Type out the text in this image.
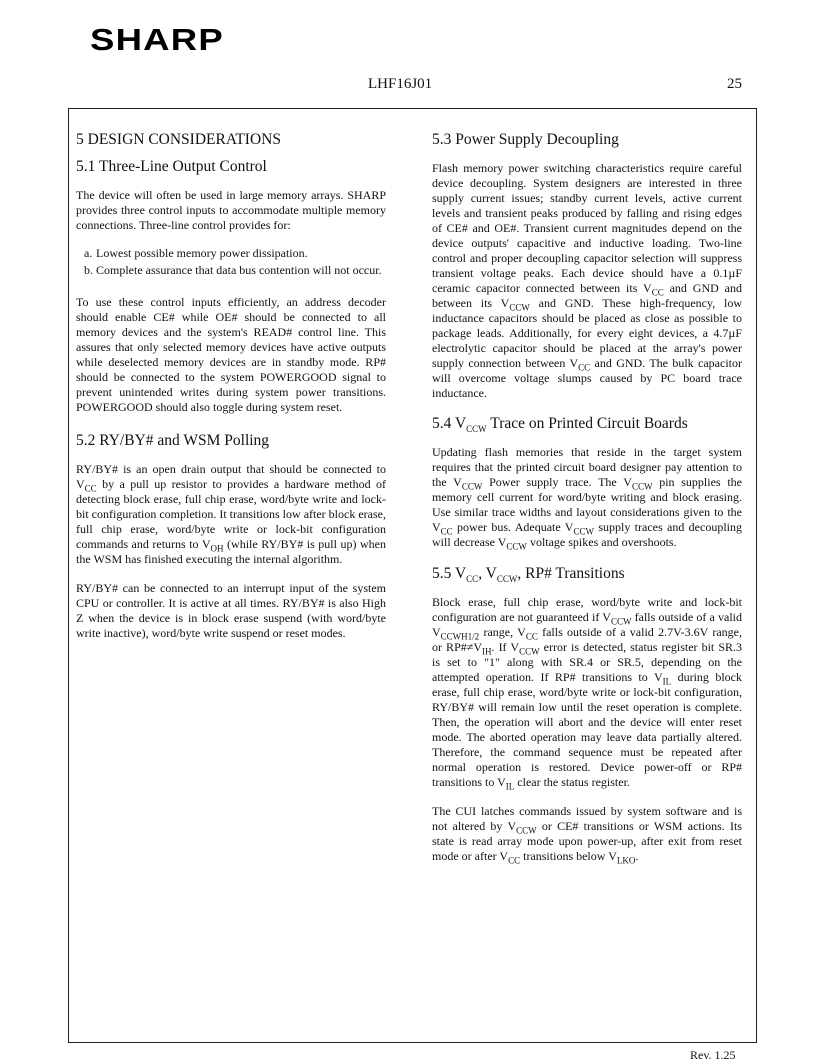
SHARP
LHF16J01	25
5 DESIGN CONSIDERATIONS
5.1 Three-Line Output Control

The device will often be used in large memory arrays. SHARP provides three control inputs to accommodate multiple memory connections. Three-line control provides for:

a. Lowest possible memory power dissipation.
b. Complete assurance that data bus contention will not occur.

To use these control inputs efficiently, an address decoder should enable CE# while OE# should be connected to all memory devices and the system's READ# control line. This assures that only selected memory devices have active outputs while deselected memory devices are in standby mode. RP# should be connected to the system POWERGOOD signal to prevent unintended writes during system power transitions. POWERGOOD should also toggle during system reset.

5.2 RY/BY# and WSM Polling

RY/BY# is an open drain output that should be connected to $V_{CC}$ by a pull up resistor to provides a hardware method of detecting block erase, full chip erase, word/byte write and lock-bit configuration completion. It transitions low after block erase, full chip erase, word/byte write or lock-bit configuration commands and returns to $V_{OH}$ (while RY/BY# is pull up) when the WSM has finished executing the internal algorithm.

RY/BY# can be connected to an interrupt input of the system CPU or controller. It is active at all times. RY/BY# is also High Z when the device is in block erase suspend (with word/byte write inactive), word/byte write suspend or reset modes.

5.3 Power Supply Decoupling

Flash memory power switching characteristics require careful device decoupling. System designers are interested in three supply current issues; standby current levels, active current levels and transient peaks produced by falling and rising edges of CE# and OE#. Transient current magnitudes depend on the device outputs' capacitive and inductive loading. Two-line control and proper decoupling capacitor selection will suppress transient voltage peaks. Each device should have a 0.1µF ceramic capacitor connected between its $V_{CC}$ and GND and between its $V_{CCW}$ and GND. These high-frequency, low inductance capacitors should be placed as close as possible to package leads. Additionally, for every eight devices, a 4.7µF electrolytic capacitor should be placed at the array's power supply connection between $V_{CC}$ and GND. The bulk capacitor will overcome voltage slumps caused by PC board trace inductance.

5.4 $V_{CCW}$ Trace on Printed Circuit Boards

Updating flash memories that reside in the target system requires that the printed circuit board designer pay attention to the $V_{CCW}$ Power supply trace. The $V_{CCW}$ pin supplies the memory cell current for word/byte writing and block erasing. Use similar trace widths and layout considerations given to the $V_{CC}$ power bus. Adequate $V_{CCW}$ supply traces and decoupling will decrease $V_{CCW}$ voltage spikes and overshoots.

5.5 $V_{CC}$, $V_{CCW}$, RP# Transitions

Block erase, full chip erase, word/byte write and lock-bit configuration are not guaranteed if $V_{CCW}$ falls outside of a valid $V_{CCWH1/2}$ range, $V_{CC}$ falls outside of a valid 2.7V-3.6V range, or $RP\#\ne V_{IH}$. If $V_{CCW}$ error is detected, status register bit SR.3 is set to "1" along with SR.4 or SR.5, depending on the attempted operation. If RP# transitions to $V_{IL}$ during block erase, full chip erase, word/byte write or lock-bit configuration, RY/BY# will remain low until the reset operation is complete. Then, the operation will abort and the device will enter reset mode. The aborted operation may leave data partially altered. Therefore, the command sequence must be repeated after normal operation is restored. Device power-off or RP# transitions to $V_{IL}$ clear the status register.

The CUI latches commands issued by system software and is not altered by $V_{CCW}$ or CE# transitions or WSM actions. Its state is read array mode upon power-up, after exit from reset mode or after $V_{CC}$ transitions below $V_{LKO}$.

Rev. 1.25
